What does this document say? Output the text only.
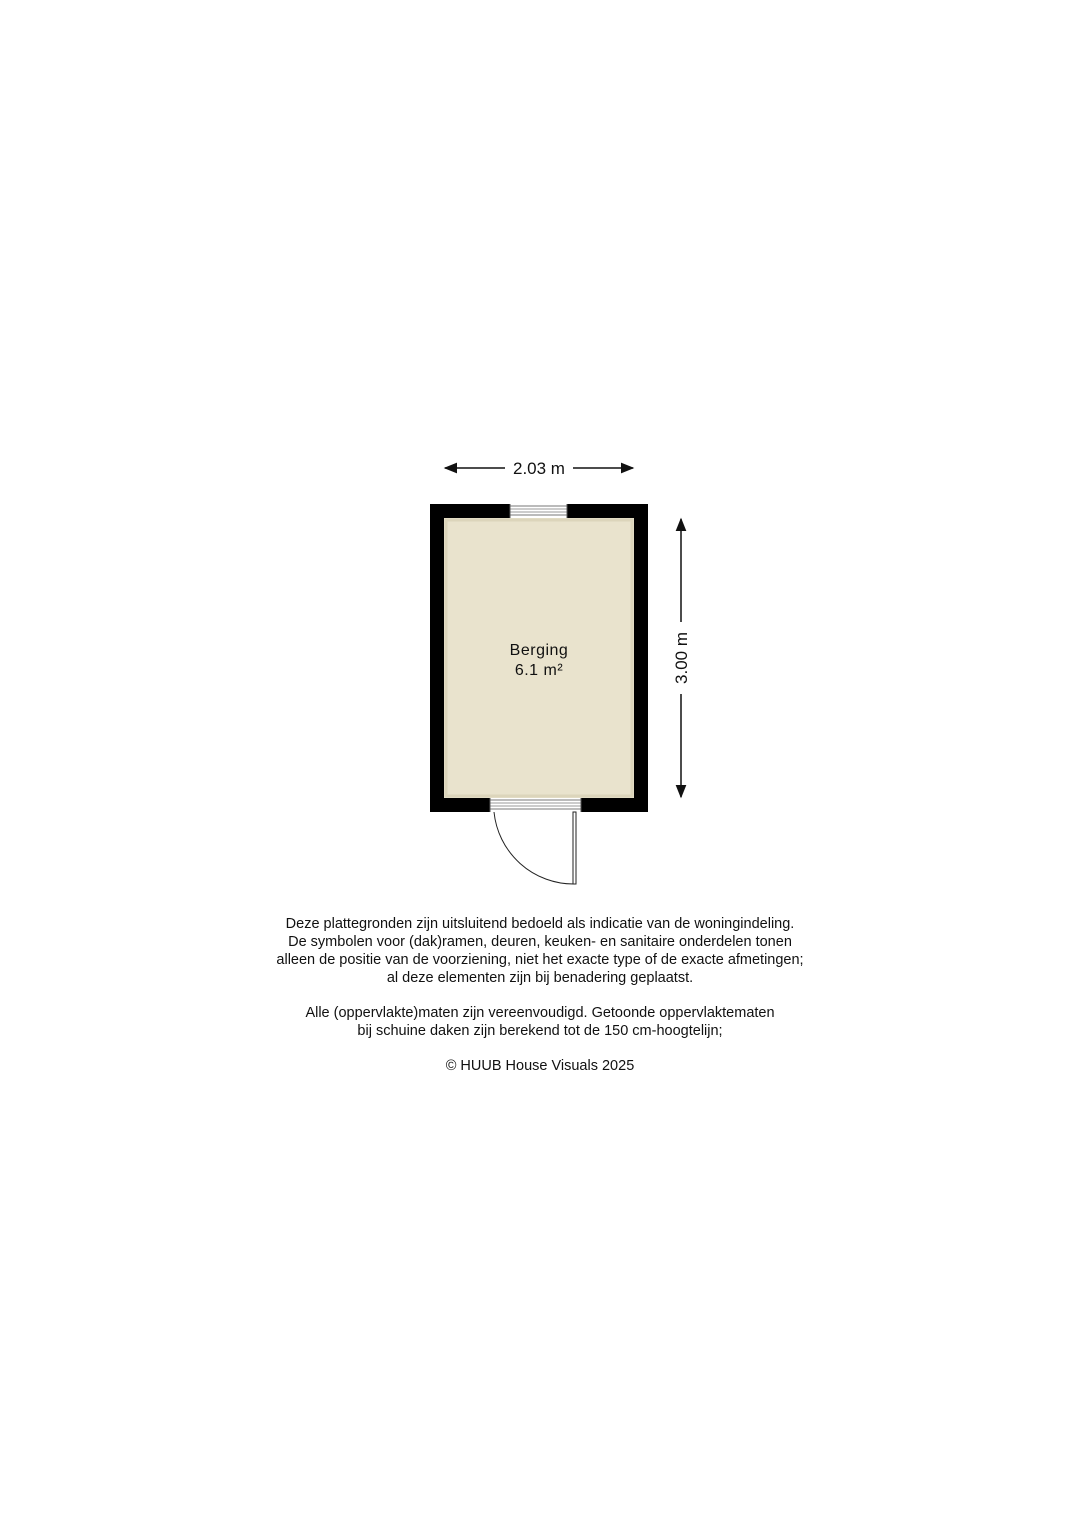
2.03 m
3.00 m
Berging
6.1 m²

Deze plattegronden zijn uitsluitend bedoeld als indicatie van de woningindeling.
De symbolen voor (dak)ramen, deuren, keuken- en sanitaire onderdelen tonen
alleen de positie van de voorziening, niet het exacte type of de exacte afmetingen;
al deze elementen zijn bij benadering geplaatst.

Alle (oppervlakte)maten zijn vereenvoudigd. Getoonde oppervlaktematen
bij schuine daken zijn berekend tot de 150 cm-hoogtelijn;

© HUUB House Visuals 2025
